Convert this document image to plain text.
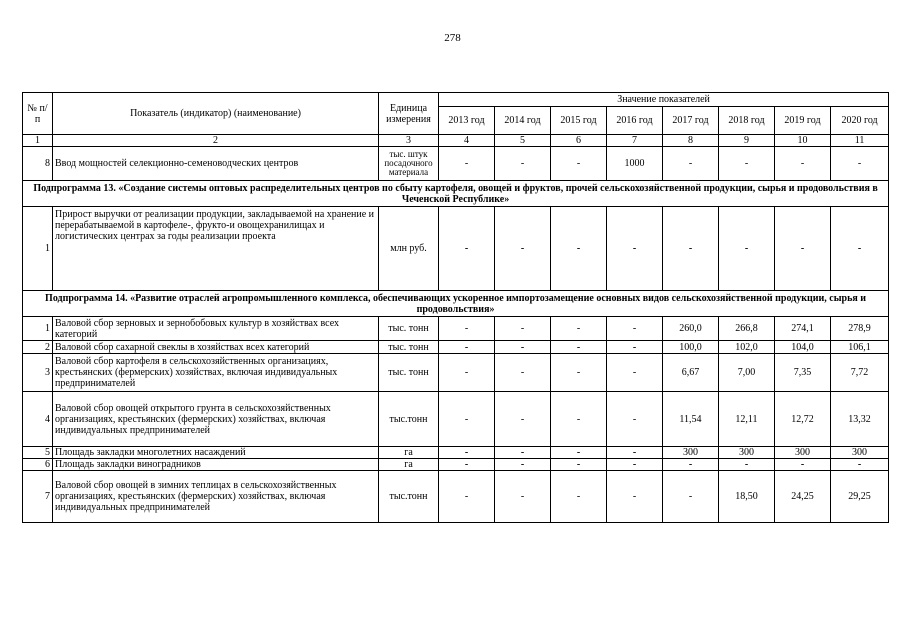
278
№ п/ п	Показатель (индикатор) (наименование)	Единица измерения	Значение показателей							
			2013 год	2014 год	2015 год	2016 год	2017 год	2018 год	2019 год	2020 год
1	2	3	4	5	6	7	8	9	10	11
8	Ввод мощностей селекционно-семеноводческих центров	тыс. штук посадочного материала	-	-	-	1000	-	-	-	-
Подпрограмма 13. «Создание системы оптовых распределительных центров по сбыту картофеля, овощей и фруктов, прочей сельскохозяйственной продукции, сырья и продовольствия в Чеченской Республике»										
1	Прирост выручки от реализации продукции, закладываемой на хранение и перерабатываемой в картофеле-, фрукто-и овощехранилищах и логистических центрах за годы реализации проекта	млн руб.	-	-	-	-	-	-	-	-
Подпрограмма 14. «Развитие отраслей агропромышленного комплекса, обеспечивающих ускоренное импортозамещение основных видов сельскохозяйственной продукции, сырья и продовольствия»										
1	Валовой сбор зерновых и зернобобовых культур в хозяйствах всех категорий	тыс. тонн	-	-	-	-	260,0	266,8	274,1	278,9
2	Валовой сбор сахарной свеклы в хозяйствах всех категорий	тыс. тонн	-	-	-	-	100,0	102,0	104,0	106,1
3	Валовой сбор картофеля в сельскохозяйственных организациях, крестьянских (фермерских) хозяйствах, включая индивидуальных предпринимателей	тыс. тонн	-	-	-	-	6,67	7,00	7,35	7,72
4	Валовой сбор овощей открытого грунта в сельскохозяйственных организациях, крестьянских (фермерских) хозяйствах, включая индивидуальных предпринимателей	тыс.тонн	-	-	-	-	11,54	12,11	12,72	13,32
5	Площадь закладки многолетних насаждений	га	-	-	-	-	300	300	300	300
6	Площадь закладки виноградников	га	-	-	-	-	-	-	-	-
7	Валовой сбор овощей в зимних теплицах в сельскохозяйственных организациях, крестьянских (фермерских) хозяйствах, включая индивидуальных предпринимателей	тыс.тонн	-	-	-	-	-	18,50	24,25	29,25
